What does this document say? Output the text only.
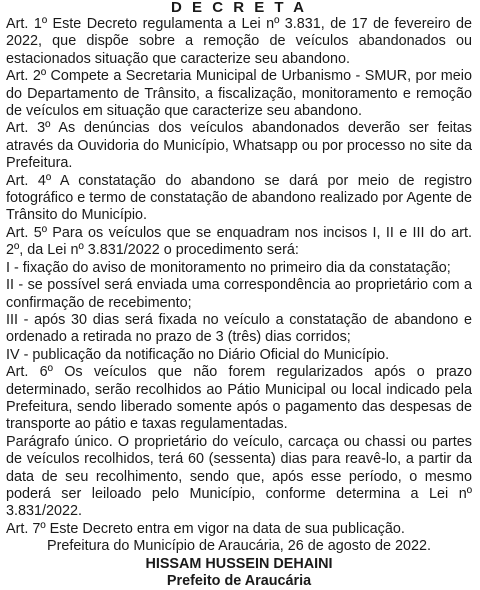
D E C R E T A

Art. 1º Este Decreto regulamenta a Lei nº 3.831, de 17 de fevereiro de 2022, que dispõe sobre a remoção de veículos abandonados ou estacionados situação que caracterize seu abandono.

Art. 2º Compete a Secretaria Municipal de Urbanismo - SMUR, por meio do Departamento de Trânsito, a fiscalização, monitoramento e remoção de veículos em situação que caracterize seu abandono.

Art. 3º As denúncias dos veículos abandonados deverão ser feitas através da Ouvidoria do Município, Whatsapp ou por processo no site da Prefeitura.

Art. 4º A constatação do abandono se dará por meio de registro fotográfico e termo de constatação de abandono realizado por Agente de Trânsito do Município.

Art. 5º Para os veículos que se enquadram nos incisos I, II e III do art. 2º, da Lei nº 3.831/2022 o procedimento será:

I - fixação do aviso de monitoramento no primeiro dia da constatação;

II - se possível será enviada uma correspondência ao proprietário com a confirmação de recebimento;

III - após 30 dias será fixada no veículo a constatação de abandono e ordenado a retirada no prazo de 3 (três) dias corridos;

IV - publicação da notificação no Diário Oficial do Município.

Art. 6º Os veículos que não forem regularizados após o prazo determinado, serão recolhidos ao Pátio Municipal ou local indicado pela Prefeitura, sendo liberado somente após o pagamento das despesas de transporte ao pátio e taxas regulamentadas.

Parágrafo único. O proprietário do veículo, carcaça ou chassi ou partes de veículos recolhidos, terá 60 (sessenta) dias para reavê-lo, a partir da data de seu recolhimento, sendo que, após esse período, o mesmo poderá ser leiloado pelo Município, conforme determina a Lei nº 3.831/2022.

Art. 7º Este Decreto entra em vigor na data de sua publicação.

Prefeitura do Município de Araucária, 26 de agosto de 2022.

HISSAM HUSSEIN DEHAINI

Prefeito de Araucária
